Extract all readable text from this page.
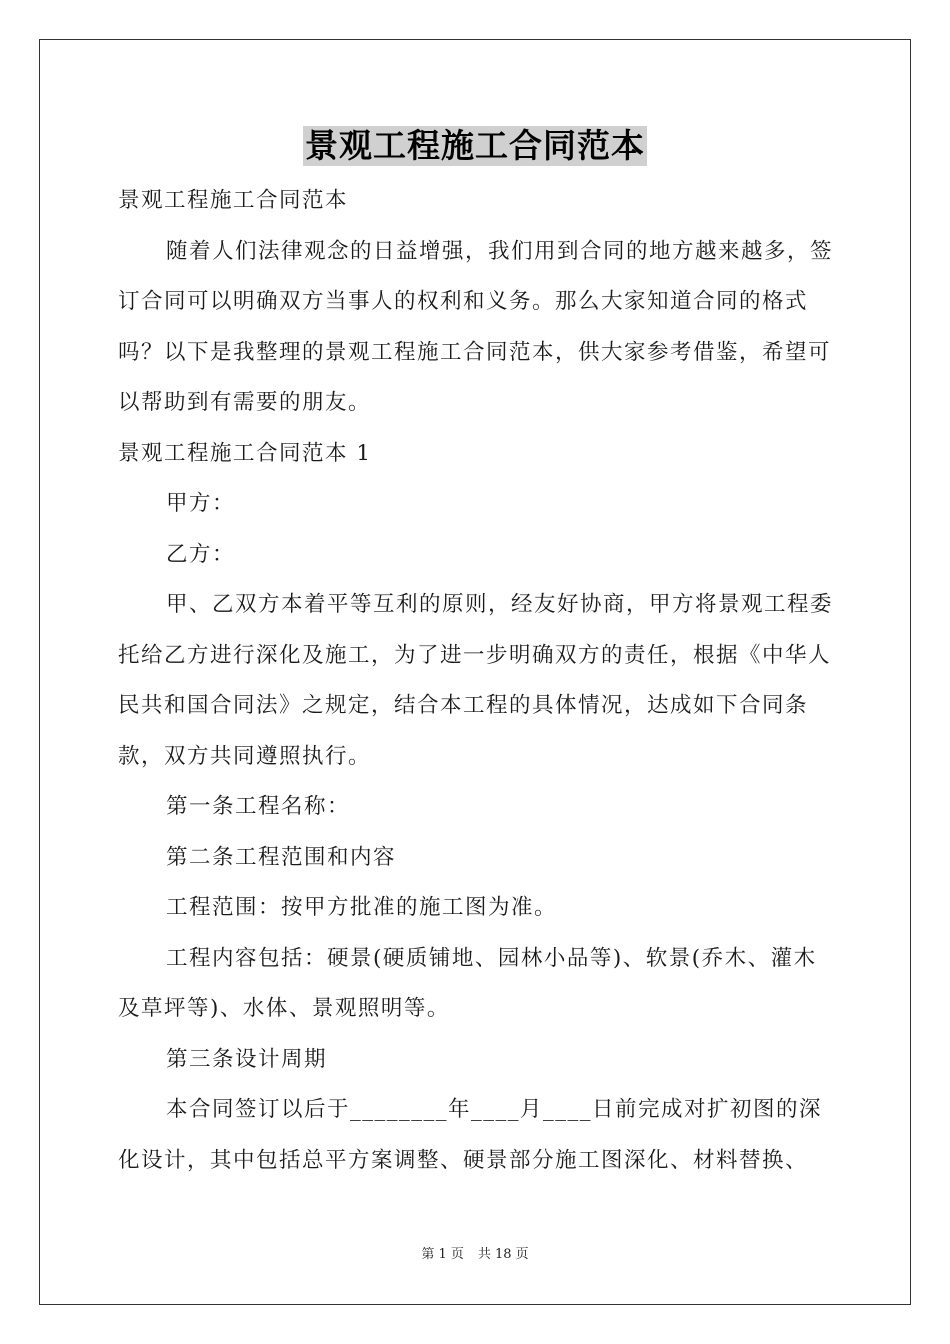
景观工程施工合同范本

景观工程施工合同范本

随着人们法律观念的日益增强，我们用到合同的地方越来越多，签订合同可以明确双方当事人的权利和义务。那么大家知道合同的格式吗？以下是我整理的景观工程施工合同范本，供大家参考借鉴，希望可以帮助到有需要的朋友。

景观工程施工合同范本 1

甲方：

乙方：

甲、乙双方本着平等互利的原则，经友好协商，甲方将景观工程委托给乙方进行深化及施工，为了进一步明确双方的责任，根据《中华人民共和国合同法》之规定，结合本工程的具体情况，达成如下合同条款，双方共同遵照执行。

第一条工程名称：

第二条工程范围和内容

工程范围：按甲方批准的施工图为准。

工程内容包括：硬景(硬质铺地、园林小品等)、软景(乔木、灌木及草坪等)、水体、景观照明等。

第三条设计周期

本合同签订以后于________年____月____日前完成对扩初图的深化设计，其中包括总平方案调整、硬景部分施工图深化、材料替换、

第 1 页 共 18 页
